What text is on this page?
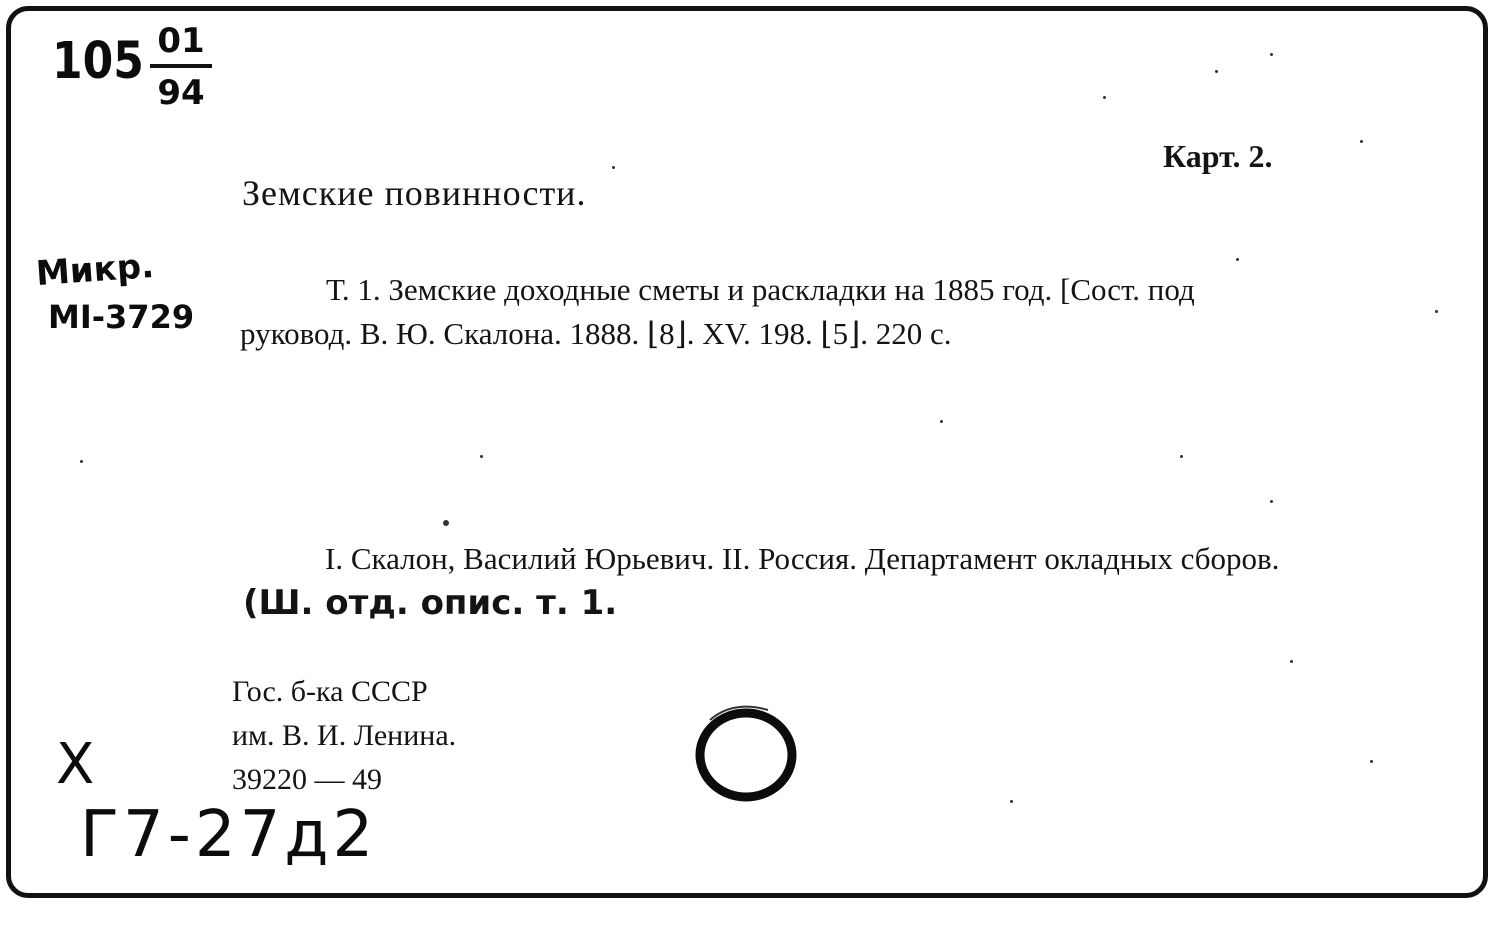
105 01
94
Микр.
MI-3729
X
Г7-27д2
Карт. 2.
Земские повинности.
Т. 1. Земские доходные сметы и раскладки на 1885 год. [Сост. под руковод. В. Ю. Скалона. 1888. ⌊8⌋. XV. 198. ⌊5⌋. 220 с.
I. Скалон, Василий Юрьевич. II. Россия. Департамент окладных сборов. (Ш. отд. опис. т. 1.
Гос. б-ка СССР
им. В. И. Ленина.
39220 — 49
